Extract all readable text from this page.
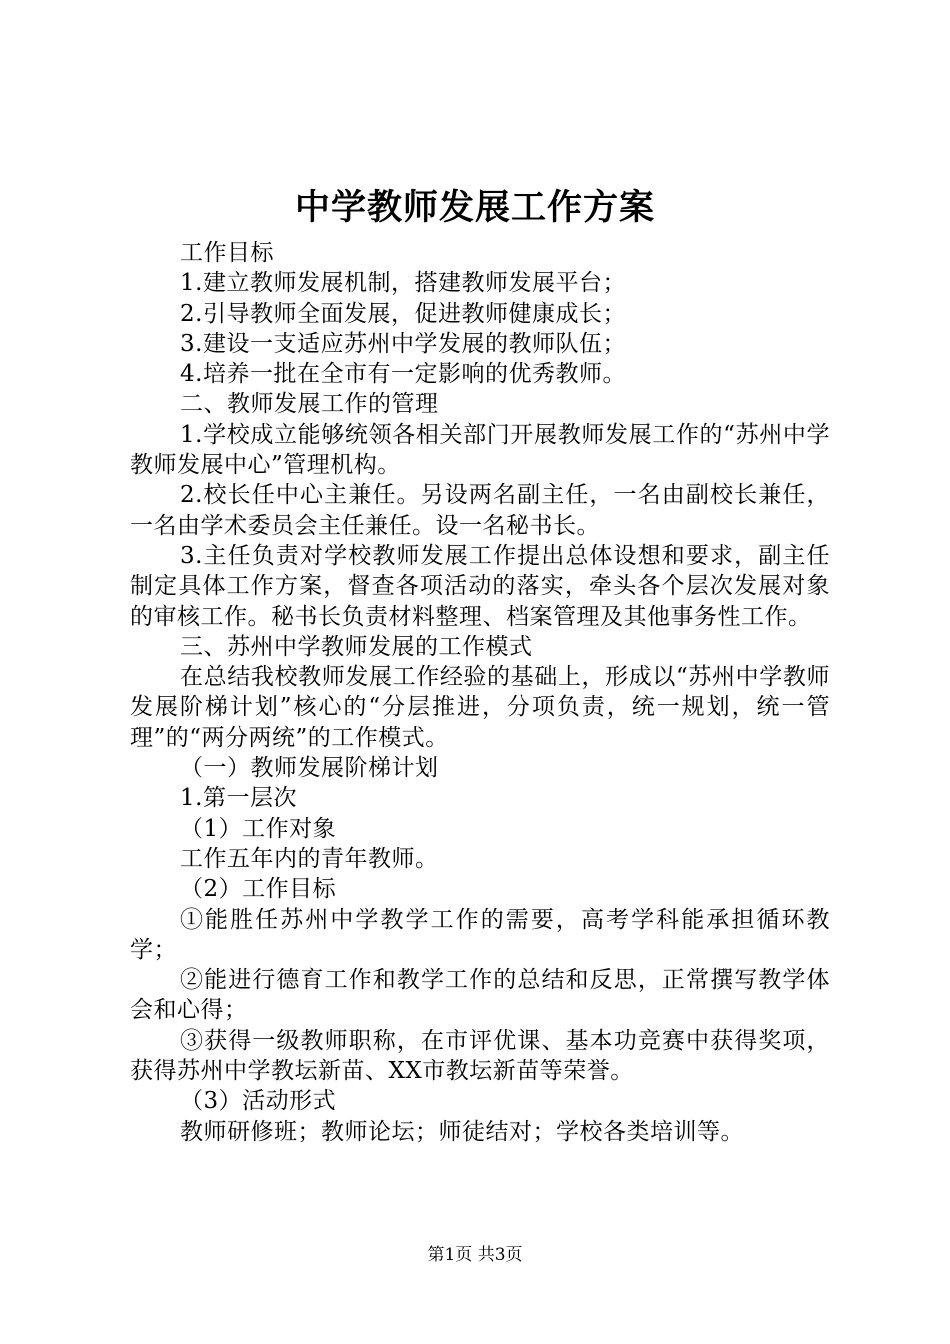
中学教师发展工作方案

工作目标

1.建立教师发展机制，搭建教师发展平台；

2.引导教师全面发展，促进教师健康成长；

3.建设一支适应苏州中学发展的教师队伍；

4.培养一批在全市有一定影响的优秀教师。

二、教师发展工作的管理

1.学校成立能够统领各相关部门开展教师发展工作的“苏州中学教师发展中心”管理机构。

2.校长任中心主兼任。另设两名副主任，一名由副校长兼任，一名由学术委员会主任兼任。设一名秘书长。

3.主任负责对学校教师发展工作提出总体设想和要求，副主任制定具体工作方案，督查各项活动的落实，牵头各个层次发展对象的审核工作。秘书长负责材料整理、档案管理及其他事务性工作。

三、苏州中学教师发展的工作模式

在总结我校教师发展工作经验的基础上，形成以“苏州中学教师发展阶梯计划”核心的“分层推进，分项负责，统一规划，统一管理”的“两分两统”的工作模式。

（一）教师发展阶梯计划

1.第一层次

（1）工作对象

工作五年内的青年教师。

（2）工作目标

①能胜任苏州中学教学工作的需要，高考学科能承担循环教学；

②能进行德育工作和教学工作的总结和反思，正常撰写教学体会和心得；

③获得一级教师职称，在市评优课、基本功竞赛中获得奖项，获得苏州中学教坛新苗、XX市教坛新苗等荣誉。

（3）活动形式

教师研修班；教师论坛；师徒结对；学校各类培训等。

第1页 共3页
